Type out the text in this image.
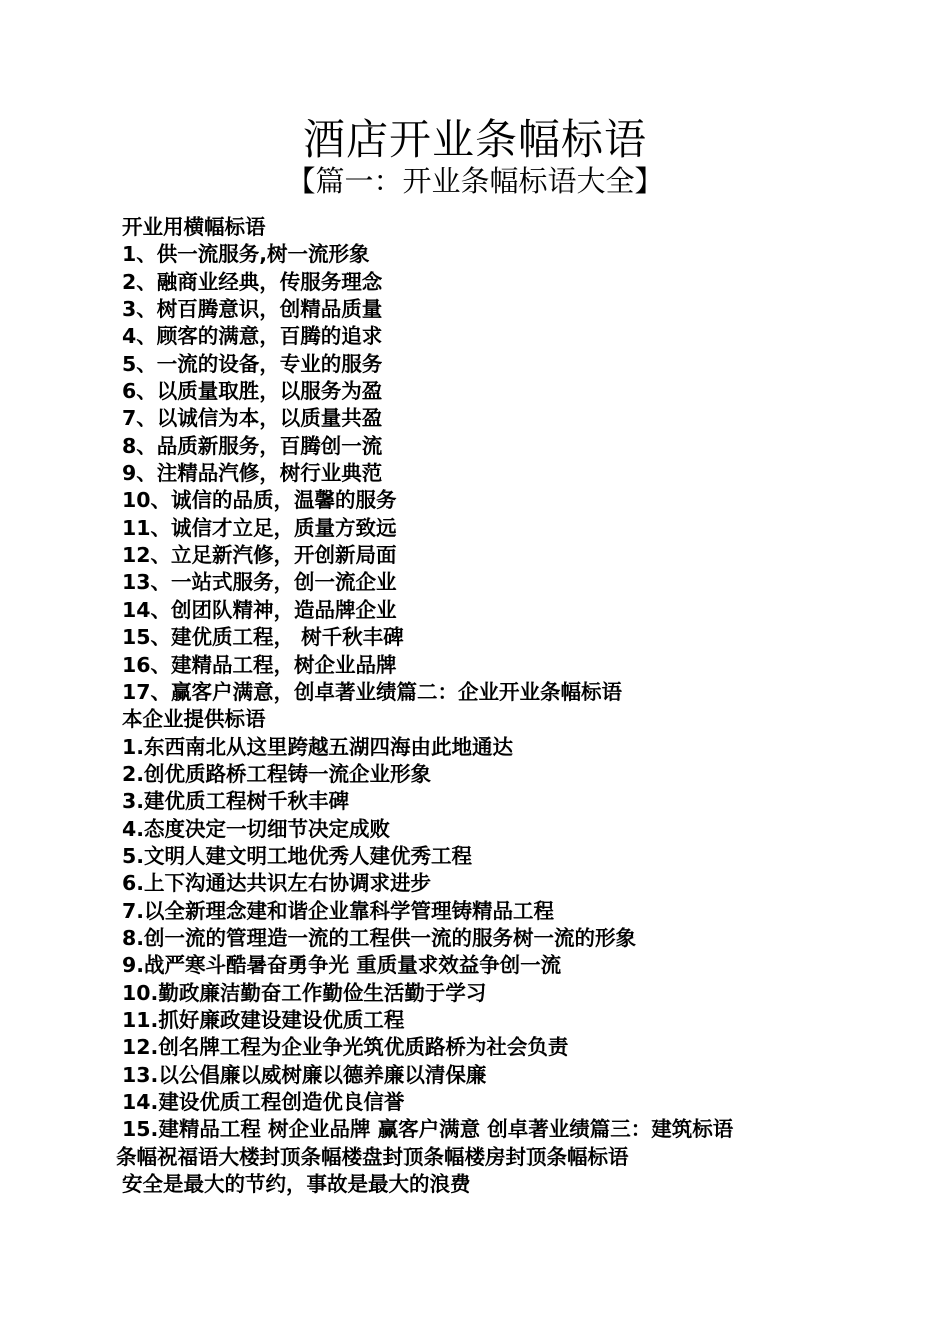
酒店开业条幅标语
【篇一：开业条幅标语大全】
开业用横幅标语
1、供一流服务,树一流形象
2、融商业经典，传服务理念
3、树百腾意识，创精品质量
4、顾客的满意，百腾的追求
5、一流的设备，专业的服务
6、以质量取胜，以服务为盈
7、以诚信为本，以质量共盈
8、品质新服务，百腾创一流
9、注精品汽修，树行业典范
10、诚信的品质，温馨的服务
11、诚信才立足，质量方致远
12、立足新汽修，开创新局面
13、一站式服务，创一流企业
14、创团队精神，造品牌企业
15、建优质工程， 树千秋丰碑
16、建精品工程，树企业品牌
17、赢客户满意，创卓著业绩篇二：企业开业条幅标语
本企业提供标语
1.东西南北从这里跨越五湖四海由此地通达
2.创优质路桥工程铸一流企业形象
3.建优质工程树千秋丰碑
4.态度决定一切细节决定成败
5.文明人建文明工地优秀人建优秀工程
6.上下沟通达共识左右协调求进步
7.以全新理念建和谐企业靠科学管理铸精品工程
8.创一流的管理造一流的工程供一流的服务树一流的形象
9.战严寒斗酷暑奋勇争光 重质量求效益争创一流
10.勤政廉洁勤奋工作勤俭生活勤于学习
11.抓好廉政建设建设优质工程
12.创名牌工程为企业争光筑优质路桥为社会负责
13.以公倡廉以威树廉以德养廉以清保廉
14.建设优质工程创造优良信誉
15.建精品工程 树企业品牌 赢客户满意 创卓著业绩篇三：建筑标语
条幅祝福语大楼封顶条幅楼盘封顶条幅楼房封顶条幅标语
安全是最大的节约，事故是最大的浪费
